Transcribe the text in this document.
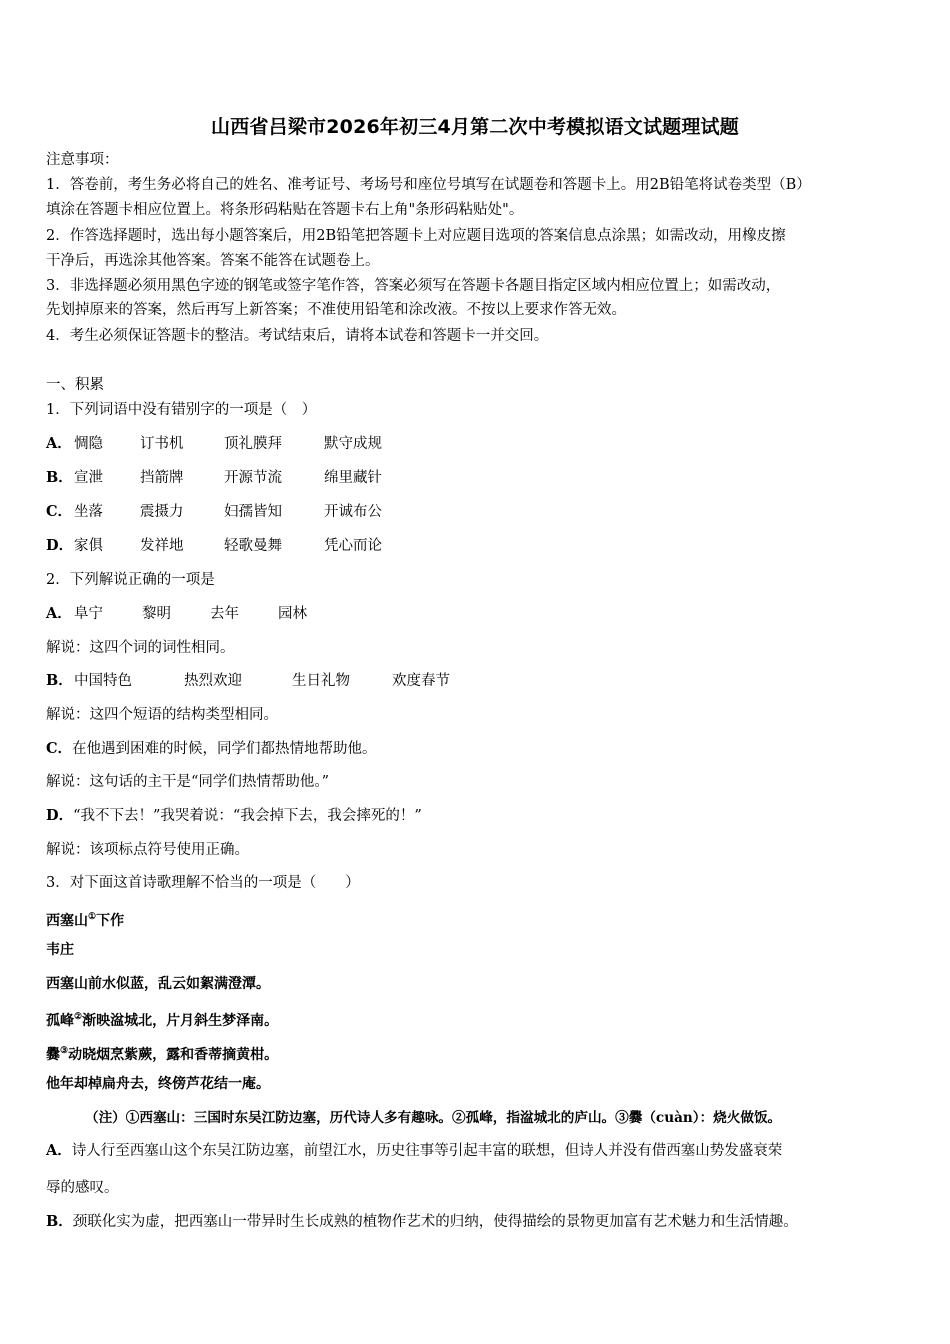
山西省吕梁市2026年初三4月第二次中考模拟语文试题理试题
注意事项：
1．答卷前，考生务必将自己的姓名、准考证号、考场号和座位号填写在试题卷和答题卡上。用2B铅笔将试卷类型（B）
填涂在答题卡相应位置上。将条形码粘贴在答题卡右上角"条形码粘贴处"。
2．作答选择题时，选出每小题答案后，用2B铅笔把答题卡上对应题目选项的答案信息点涂黑；如需改动，用橡皮擦
干净后，再选涂其他答案。答案不能答在试题卷上。
3．非选择题必须用黑色字迹的钢笔或签字笔作答，答案必须写在答题卡各题目指定区域内相应位置上；如需改动，
先划掉原来的答案，然后再写上新答案；不准使用铅笔和涂改液。不按以上要求作答无效。
4．考生必须保证答题卡的整洁。考试结束后，请将本试卷和答题卡一并交回。
一、积累
1．下列词语中没有错别字的一项是（　）
A． 惆隐	订书机	顶礼膜拜	默守成规
B．宣泄	挡箭牌	开源节流	绵里藏针
C． 坐落	震摄力	妇孺皆知	开诚布公
D．家俱	发祥地	轻歌曼舞	凭心而论
2．下列解说正确的一项是
A． 阜宁	黎明	去年	园林
解说：这四个词的词性相同。
B．中国特色	热烈欢迎	生日礼物	欢度春节
解说：这四个短语的结构类型相同。
C．在他遇到困难的时候，同学们都热情地帮助他。
解说：这句话的主干是“同学们热情帮助他。”
D．“我不下去！”我哭着说：“我会掉下去，我会摔死的！”
解说：该项标点符号使用正确。
3．对下面这首诗歌理解不恰当的一项是（　　）
西塞山①下作
韦庄
西塞山前水似蓝，乱云如絮满澄潭。
孤峰②渐映湓城北，片月斜生梦泽南。
爨③动晓烟烹紫蕨，露和香蒂摘黄柑。
他年却棹扁舟去，终傍芦花结一庵。
（注）①西塞山：三国时东吴江防边塞，历代诗人多有趣咏。②孤峰，指湓城北的庐山。③爨（cuàn）：烧火做饭。
A．诗人行至西塞山这个东吴江防边塞，前望江水，历史往事等引起丰富的联想，但诗人并没有借西塞山势发盛衰荣
辱的感叹。
B．颈联化实为虚，把西塞山一带异时生长成熟的植物作艺术的归纳，使得描绘的景物更加富有艺术魅力和生活情趣。
